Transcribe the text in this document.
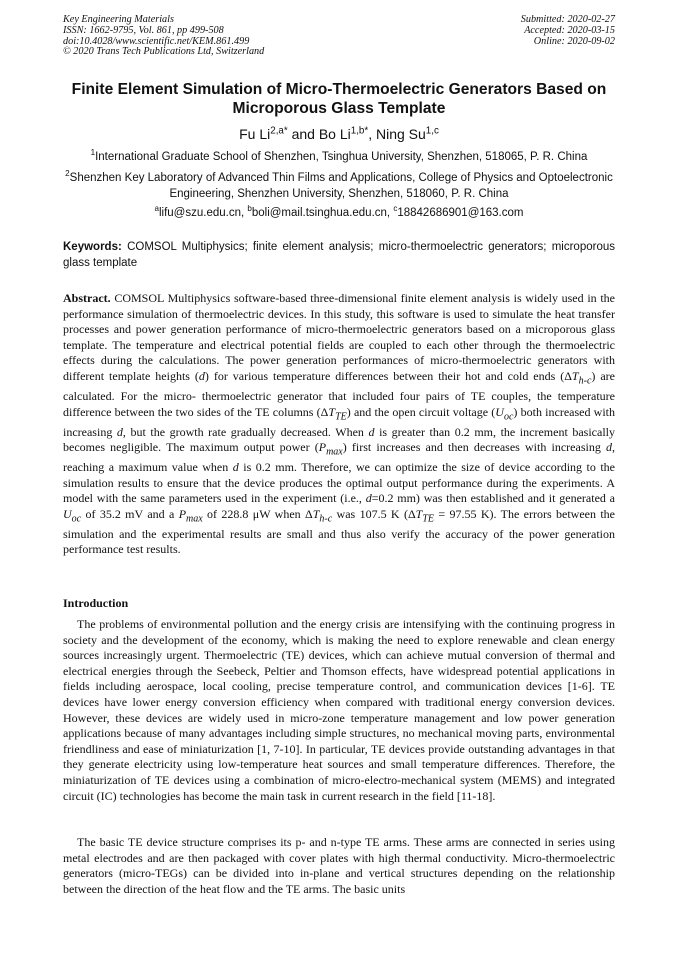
Key Engineering Materials
ISSN: 1662-9795, Vol. 861, pp 499-508
doi:10.4028/www.scientific.net/KEM.861.499
© 2020 Trans Tech Publications Ltd, Switzerland
Submitted: 2020-02-27
Accepted: 2020-03-15
Online: 2020-09-02
Finite Element Simulation of Micro-Thermoelectric Generators Based on Microporous Glass Template
Fu $Li^{2,a*}$ and Bo $Li^{1,b*}$, Ning Su$^{1,c}$
$^1$International Graduate School of Shenzhen, Tsinghua University, Shenzhen, 518065, P. R. China
$^2$Shenzhen Key Laboratory of Advanced Thin Films and Applications, College of Physics and Optoelectronic Engineering, Shenzhen University, Shenzhen, 518060, P. R. China
$^a$lifu@szu.edu.cn, $^b$boli@mail.tsinghua.edu.cn, $^c$18842686901@163.com
Keywords: COMSOL Multiphysics; finite element analysis; micro-thermoelectric generators; microporous glass template
Abstract. COMSOL Multiphysics software-based three-dimensional finite element analysis is widely used in the performance simulation of thermoelectric devices. In this study, this software is used to simulate the heat transfer processes and power generation performance of micro-thermoelectric generators based on a microporous glass template. The temperature and electrical potential fields are coupled to each other through the thermoelectric effects during the calculations. The power generation performances of micro-thermoelectric generators with different template heights (d) for various temperature differences between their hot and cold ends $(\Delta T_{h-c})$ are calculated. For the micro- thermoelectric generator that included four pairs of TE couples, the temperature difference between the two sides of the TE columns $(\Delta T_{TE})$ and the open circuit voltage $(U_{oc})$ both increased with increasing d, but the growth rate gradually decreased. When d is greater than 0.2 mm, the increment basically becomes negligible. The maximum output power $(P_{max})$ first increases and then decreases with increasing d, reaching a maximum value when d is 0.2 mm. Therefore, we can optimize the size of device according to the simulation results to ensure that the device produces the optimal output performance during the experiments. A model with the same parameters used in the experiment (i.e., d=0.2 mm) was then established and it generated a $U_{oc}$ of 35.2 mV and a $P_{max}$ of 228.8 μW when $\Delta T_{h-c}$ was 107.5 K ($\Delta T_{TE} = 97.55$ K). The errors between the simulation and the experimental results are small and thus also verify the accuracy of the power generation performance test results.
Introduction
The problems of environmental pollution and the energy crisis are intensifying with the continuing progress in society and the development of the economy, which is making the need to explore renewable and clean energy sources increasingly urgent. Thermoelectric (TE) devices, which can achieve mutual conversion of thermal and electrical energies through the Seebeck, Peltier and Thomson effects, have widespread potential applications in fields including aerospace, local cooling, precise temperature control, and communication devices [1-6]. TE devices have lower energy conversion efficiency when compared with traditional energy conversion devices. However, these devices are widely used in micro-zone temperature management and low power generation applications because of many advantages including simple structures, no mechanical moving parts, environmental friendliness and ease of miniaturization [1, 7-10]. In particular, TE devices provide outstanding advantages in that they generate electricity using low-temperature heat sources and small temperature differences. Therefore, the miniaturization of TE devices using a combination of micro-electro-mechanical system (MEMS) and integrated circuit (IC) technologies has become the main task in current research in the field [11-18].
The basic TE device structure comprises its p- and n-type TE arms. These arms are connected in series using metal electrodes and are then packaged with cover plates with high thermal conductivity. Micro-thermoelectric generators (micro-TEGs) can be divided into in-plane and vertical structures depending on the relationship between the direction of the heat flow and the TE arms. The basic units
